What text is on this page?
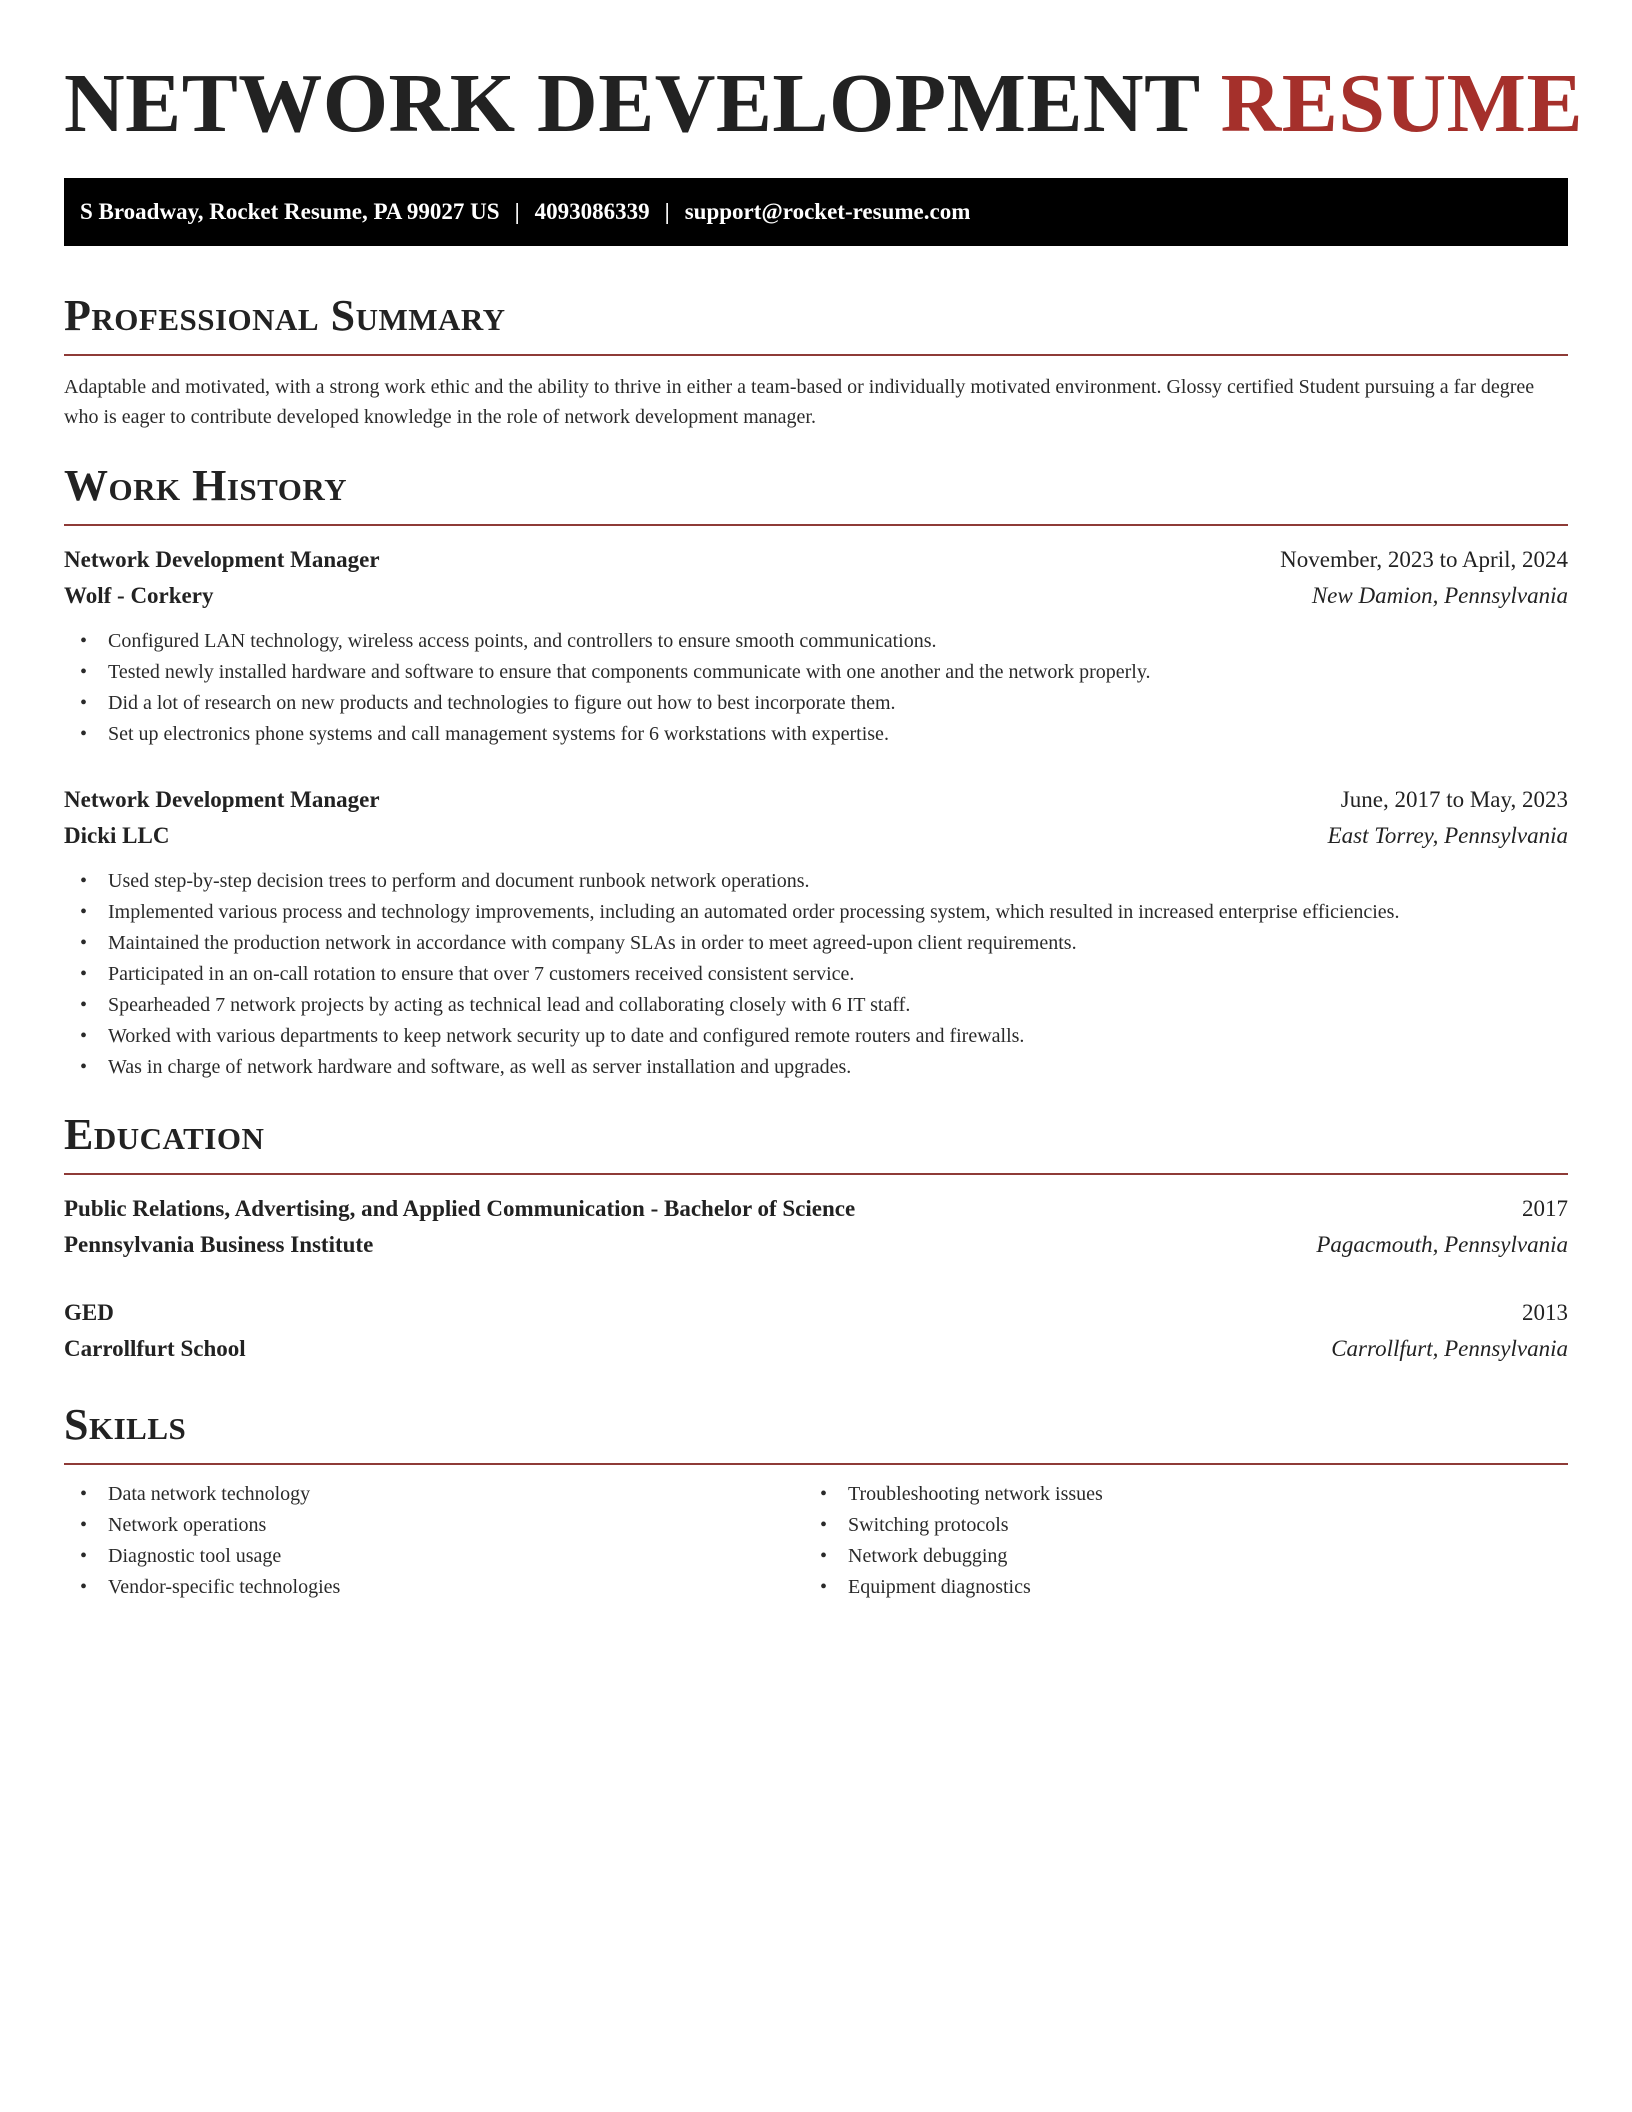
NETWORK DEVELOPMENT RESUME
S Broadway, Rocket Resume, PA 99027 US | 4093086339 | support@rocket-resume.com
Professional Summary

Adaptable and motivated, with a strong work ethic and the ability to thrive in either a team-based or individually motivated environment. Glossy certified Student pursuing a far degree who is eager to contribute developed knowledge in the role of network development manager.

Work History
Network Development Manager	November, 2023 to April, 2024
Wolf - Corkery	New Damion, Pennsylvania
• Configured LAN technology, wireless access points, and controllers to ensure smooth communications.
• Tested newly installed hardware and software to ensure that components communicate with one another and the network properly.
• Did a lot of research on new products and technologies to figure out how to best incorporate them.
• Set up electronics phone systems and call management systems for 6 workstations with expertise.
Network Development Manager	June, 2017 to May, 2023
Dicki LLC	East Torrey, Pennsylvania
• Used step-by-step decision trees to perform and document runbook network operations.
• Implemented various process and technology improvements, including an automated order processing system, which resulted in increased enterprise efficiencies.
• Maintained the production network in accordance with company SLAs in order to meet agreed-upon client requirements.
• Participated in an on-call rotation to ensure that over 7 customers received consistent service.
• Spearheaded 7 network projects by acting as technical lead and collaborating closely with 6 IT staff.
• Worked with various departments to keep network security up to date and configured remote routers and firewalls.
• Was in charge of network hardware and software, as well as server installation and upgrades.
Education
Public Relations, Advertising, and Applied Communication - Bachelor of Science	2017
Pennsylvania Business Institute	Pagacmouth, Pennsylvania
GED	2013
Carrollfurt School	Carrollfurt, Pennsylvania
Skills
• Data network technology
• Network operations
• Diagnostic tool usage
• Vendor-specific technologies
• Troubleshooting network issues
• Switching protocols
• Network debugging
• Equipment diagnostics
